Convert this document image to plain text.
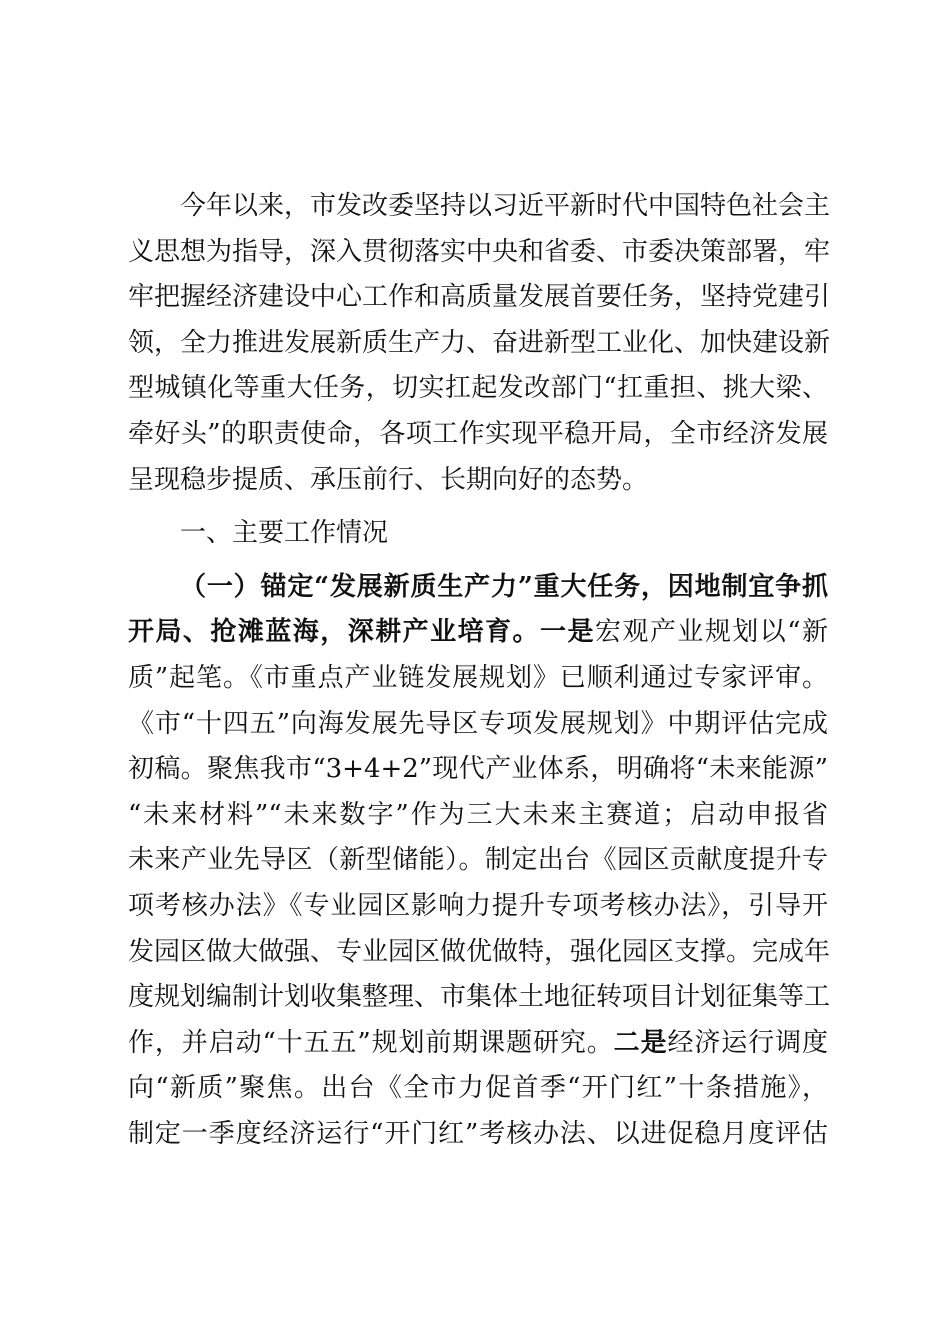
今年以来，市发改委坚持以习近平新时代中国特色社会主
义思想为指导，深入贯彻落实中央和省委、市委决策部署，牢
牢把握经济建设中心工作和高质量发展首要任务，坚持党建引
领，全力推进发展新质生产力、奋进新型工业化、加快建设新
型城镇化等重大任务，切实扛起发改部门“扛重担、挑大梁、
牵好头”的职责使命，各项工作实现平稳开局，全市经济发展
呈现稳步提质、承压前行、长期向好的态势。
一、主要工作情况
（一）锚定“发展新质生产力”重大任务，因地制宜争抓
开局、抢滩蓝海，深耕产业培育。一是宏观产业规划以“新
质”起笔。《市重点产业链发展规划》已顺利通过专家评审。
《市“十四五”向海发展先导区专项发展规划》中期评估完成
初稿。聚焦我市“3+4+2”现代产业体系，明确将“未来能源”
“未来材料”“未来数字”作为三大未来主赛道；启动申报省
未来产业先导区（新型储能）。制定出台《园区贡献度提升专
项考核办法》《专业园区影响力提升专项考核办法》，引导开
发园区做大做强、专业园区做优做特，强化园区支撑。完成年
度规划编制计划收集整理、市集体土地征转项目计划征集等工
作，并启动“十五五”规划前期课题研究。二是经济运行调度
向“新质”聚焦。出台《全市力促首季“开门红”十条措施》，
制定一季度经济运行“开门红”考核办法、以进促稳月度评估
